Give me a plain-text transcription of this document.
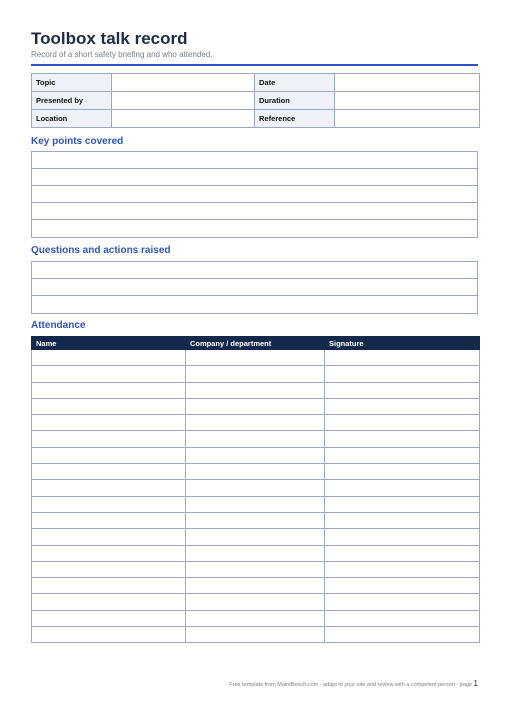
Toolbox talk record
Record of a short safety briefing and who attended.
Topic		Date	
Presented by		Duration	
Location		Reference	
Key points covered
Questions and actions raised
Attendance
Name	Company / department	Signature

Free template from MaintBench.com · adapt to your site and review with a competent person · page 1
